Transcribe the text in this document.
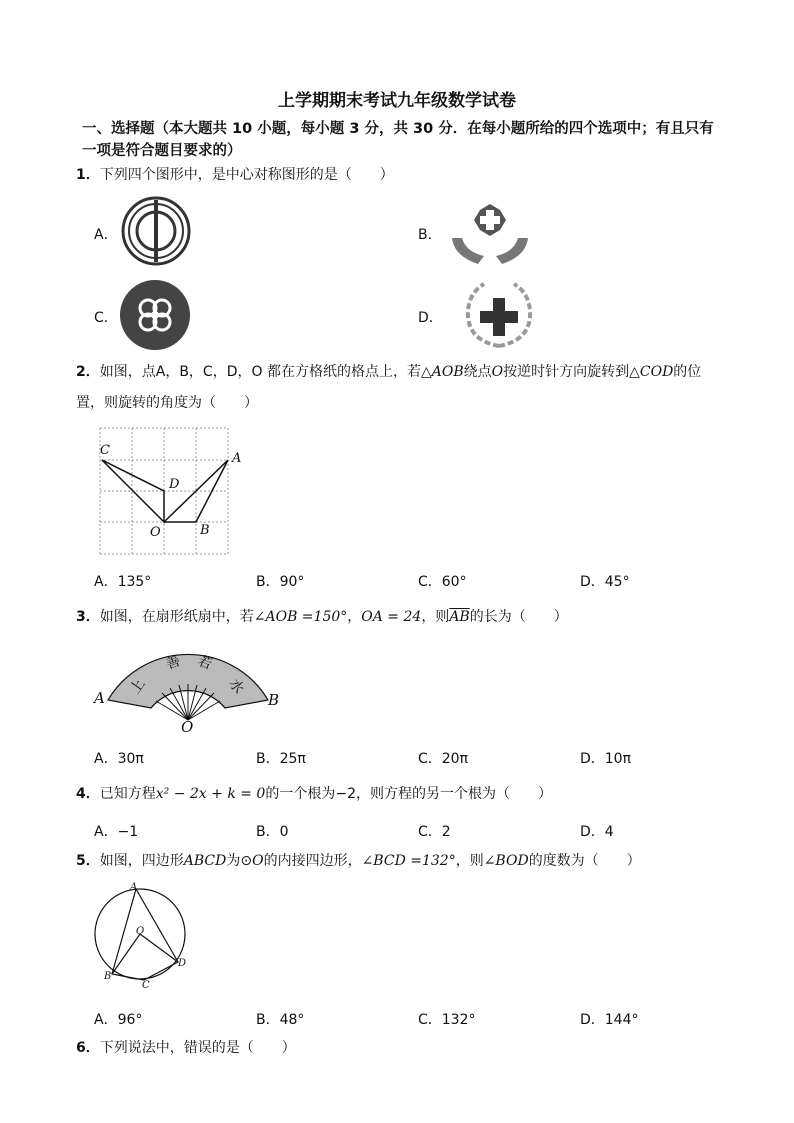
上学期期末考试九年级数学试卷
一、选择题（本大题共 10 小题，每小题 3 分，共 30 分．在每小题所给的四个选项中；有且只有
一项是符合题目要求的）
1．下列四个图形中，是中心对称图形的是（　　）
A．	B．
C．	D．
2．如图，点A，B，C，D，O 都在方格纸的格点上，若△AOB绕点O按逆时针方向旋转到△COD的位
置，则旋转的角度为（　　）
C
A
D
O	B
A．135°	B．90°	C．60°	D．45°
3．如图，在扇形纸扇中，若∠AOB =150°，OA = 24，则$\overline{AB}$的长为（　　）
上
善 若
水
A	B
O
A．30π	B．25π	C．20π	D．10π
4．已知方程x² − 2x + k = 0的一个根为−2，则方程的另一个根为（　　）
A．−1	B．0	C．2	D．4
5．如图，四边形ABCD为⊙O的内接四边形，∠BCD =132°，则∠BOD的度数为（　　）
A
O
B
C
D
A．96°	B．48°	C．132°	D．144°
6．下列说法中，错误的是（　　）
